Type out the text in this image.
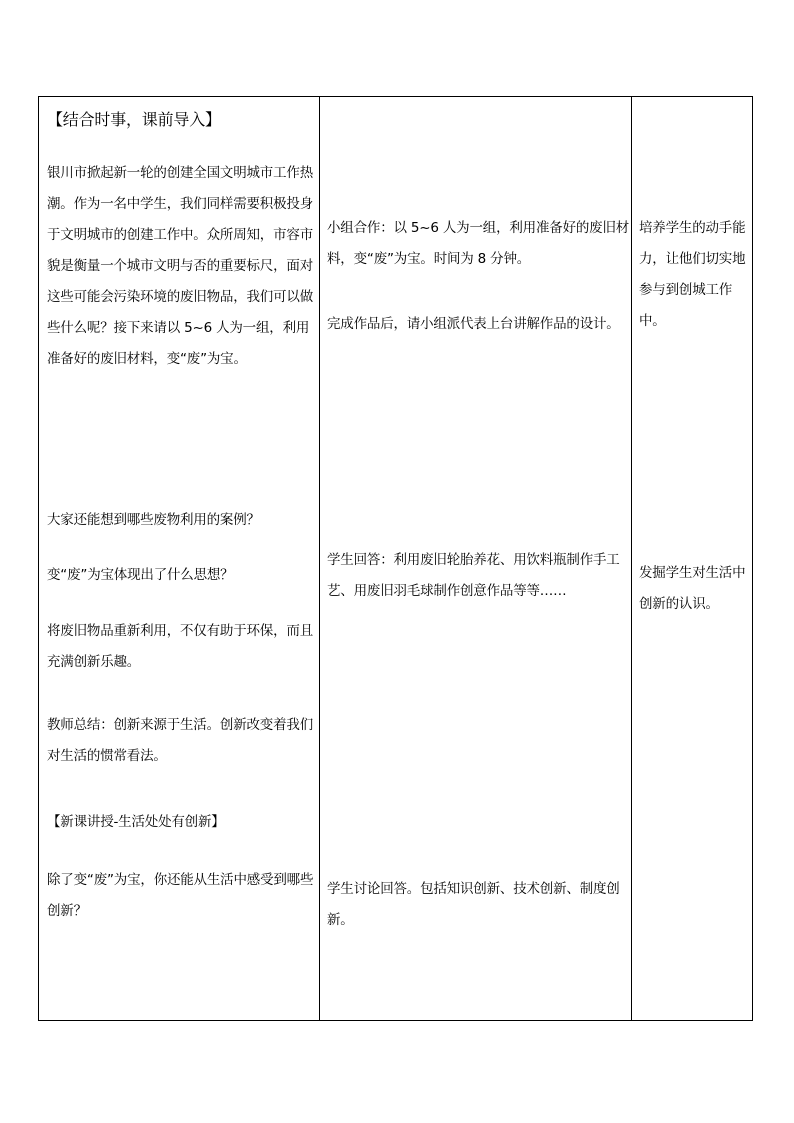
【结合时事，课前导入】
银川市掀起新一轮的创建全国文明城市工作热潮。作为一名中学生，我们同样需要积极投身于文明城市的创建工作中。众所周知，市容市貌是衡量一个城市文明与否的重要标尺，面对这些可能会污染环境的废旧物品，我们可以做些什么呢？接下来请以 5~6 人为一组，利用准备好的废旧材料，变“废”为宝。
大家还能想到哪些废物利用的案例？
变“废”为宝体现出了什么思想？
将废旧物品重新利用，不仅有助于环保，而且充满创新乐趣。
教师总结：创新来源于生活。创新改变着我们对生活的惯常看法。
【新课讲授-生活处处有创新】
除了变“废”为宝，你还能从生活中感受到哪些创新？
小组合作：以 5~6 人为一组，利用准备好的废旧材料，变“废”为宝。时间为 8 分钟。
完成作品后，请小组派代表上台讲解作品的设计。
学生回答：利用废旧轮胎养花、用饮料瓶制作手工艺、用废旧羽毛球制作创意作品等等……
学生讨论回答。包括知识创新、技术创新、制度创新。
培养学生的动手能力，让他们切实地参与到创城工作中。
发掘学生对生活中创新的认识。
